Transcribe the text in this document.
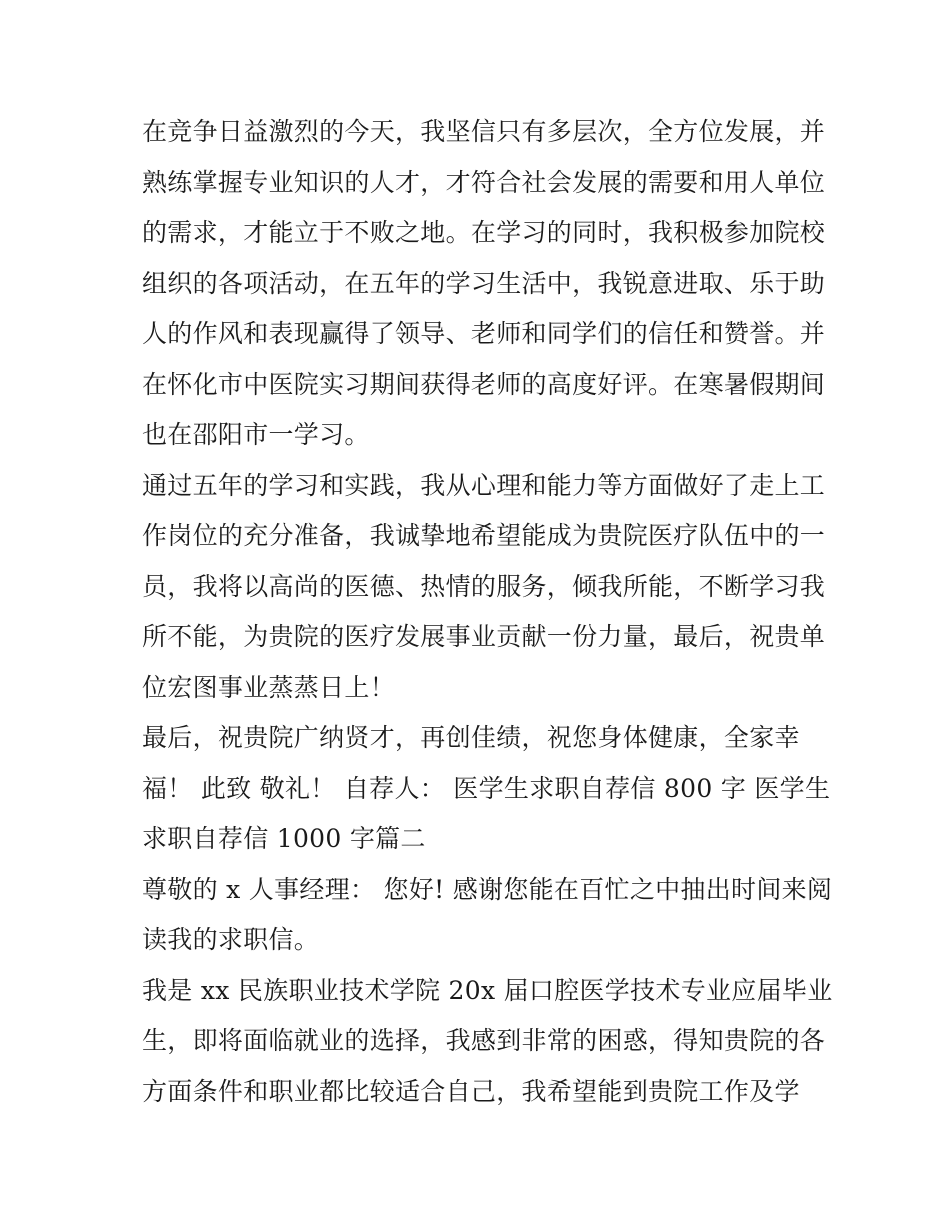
在竞争日益激烈的今天，我坚信只有多层次，全方位发展，并
熟练掌握专业知识的人才，才符合社会发展的需要和用人单位
的需求，才能立于不败之地。在学习的同时，我积极参加院校
组织的各项活动，在五年的学习生活中，我锐意进取、乐于助
人的作风和表现赢得了领导、老师和同学们的信任和赞誉。并
在怀化市中医院实习期间获得老师的高度好评。在寒暑假期间
也在邵阳市一学习。
通过五年的学习和实践，我从心理和能力等方面做好了走上工
作岗位的充分准备，我诚挚地希望能成为贵院医疗队伍中的一
员，我将以高尚的医德、热情的服务，倾我所能，不断学习我
所不能，为贵院的医疗发展事业贡献一份力量，最后，祝贵单
位宏图事业蒸蒸日上！
最后，祝贵院广纳贤才，再创佳绩，祝您身体健康，全家幸
福！ 此致 敬礼！ 自荐人： 医学生求职自荐信 800 字 医学生
求职自荐信 1000 字篇二
尊敬的 x 人事经理： 您好! 感谢您能在百忙之中抽出时间来阅
读我的求职信。
我是 xx 民族职业技术学院 20x 届口腔医学技术专业应届毕业
生，即将面临就业的选择，我感到非常的困惑，得知贵院的各
方面条件和职业都比较适合自己，我希望能到贵院工作及学
